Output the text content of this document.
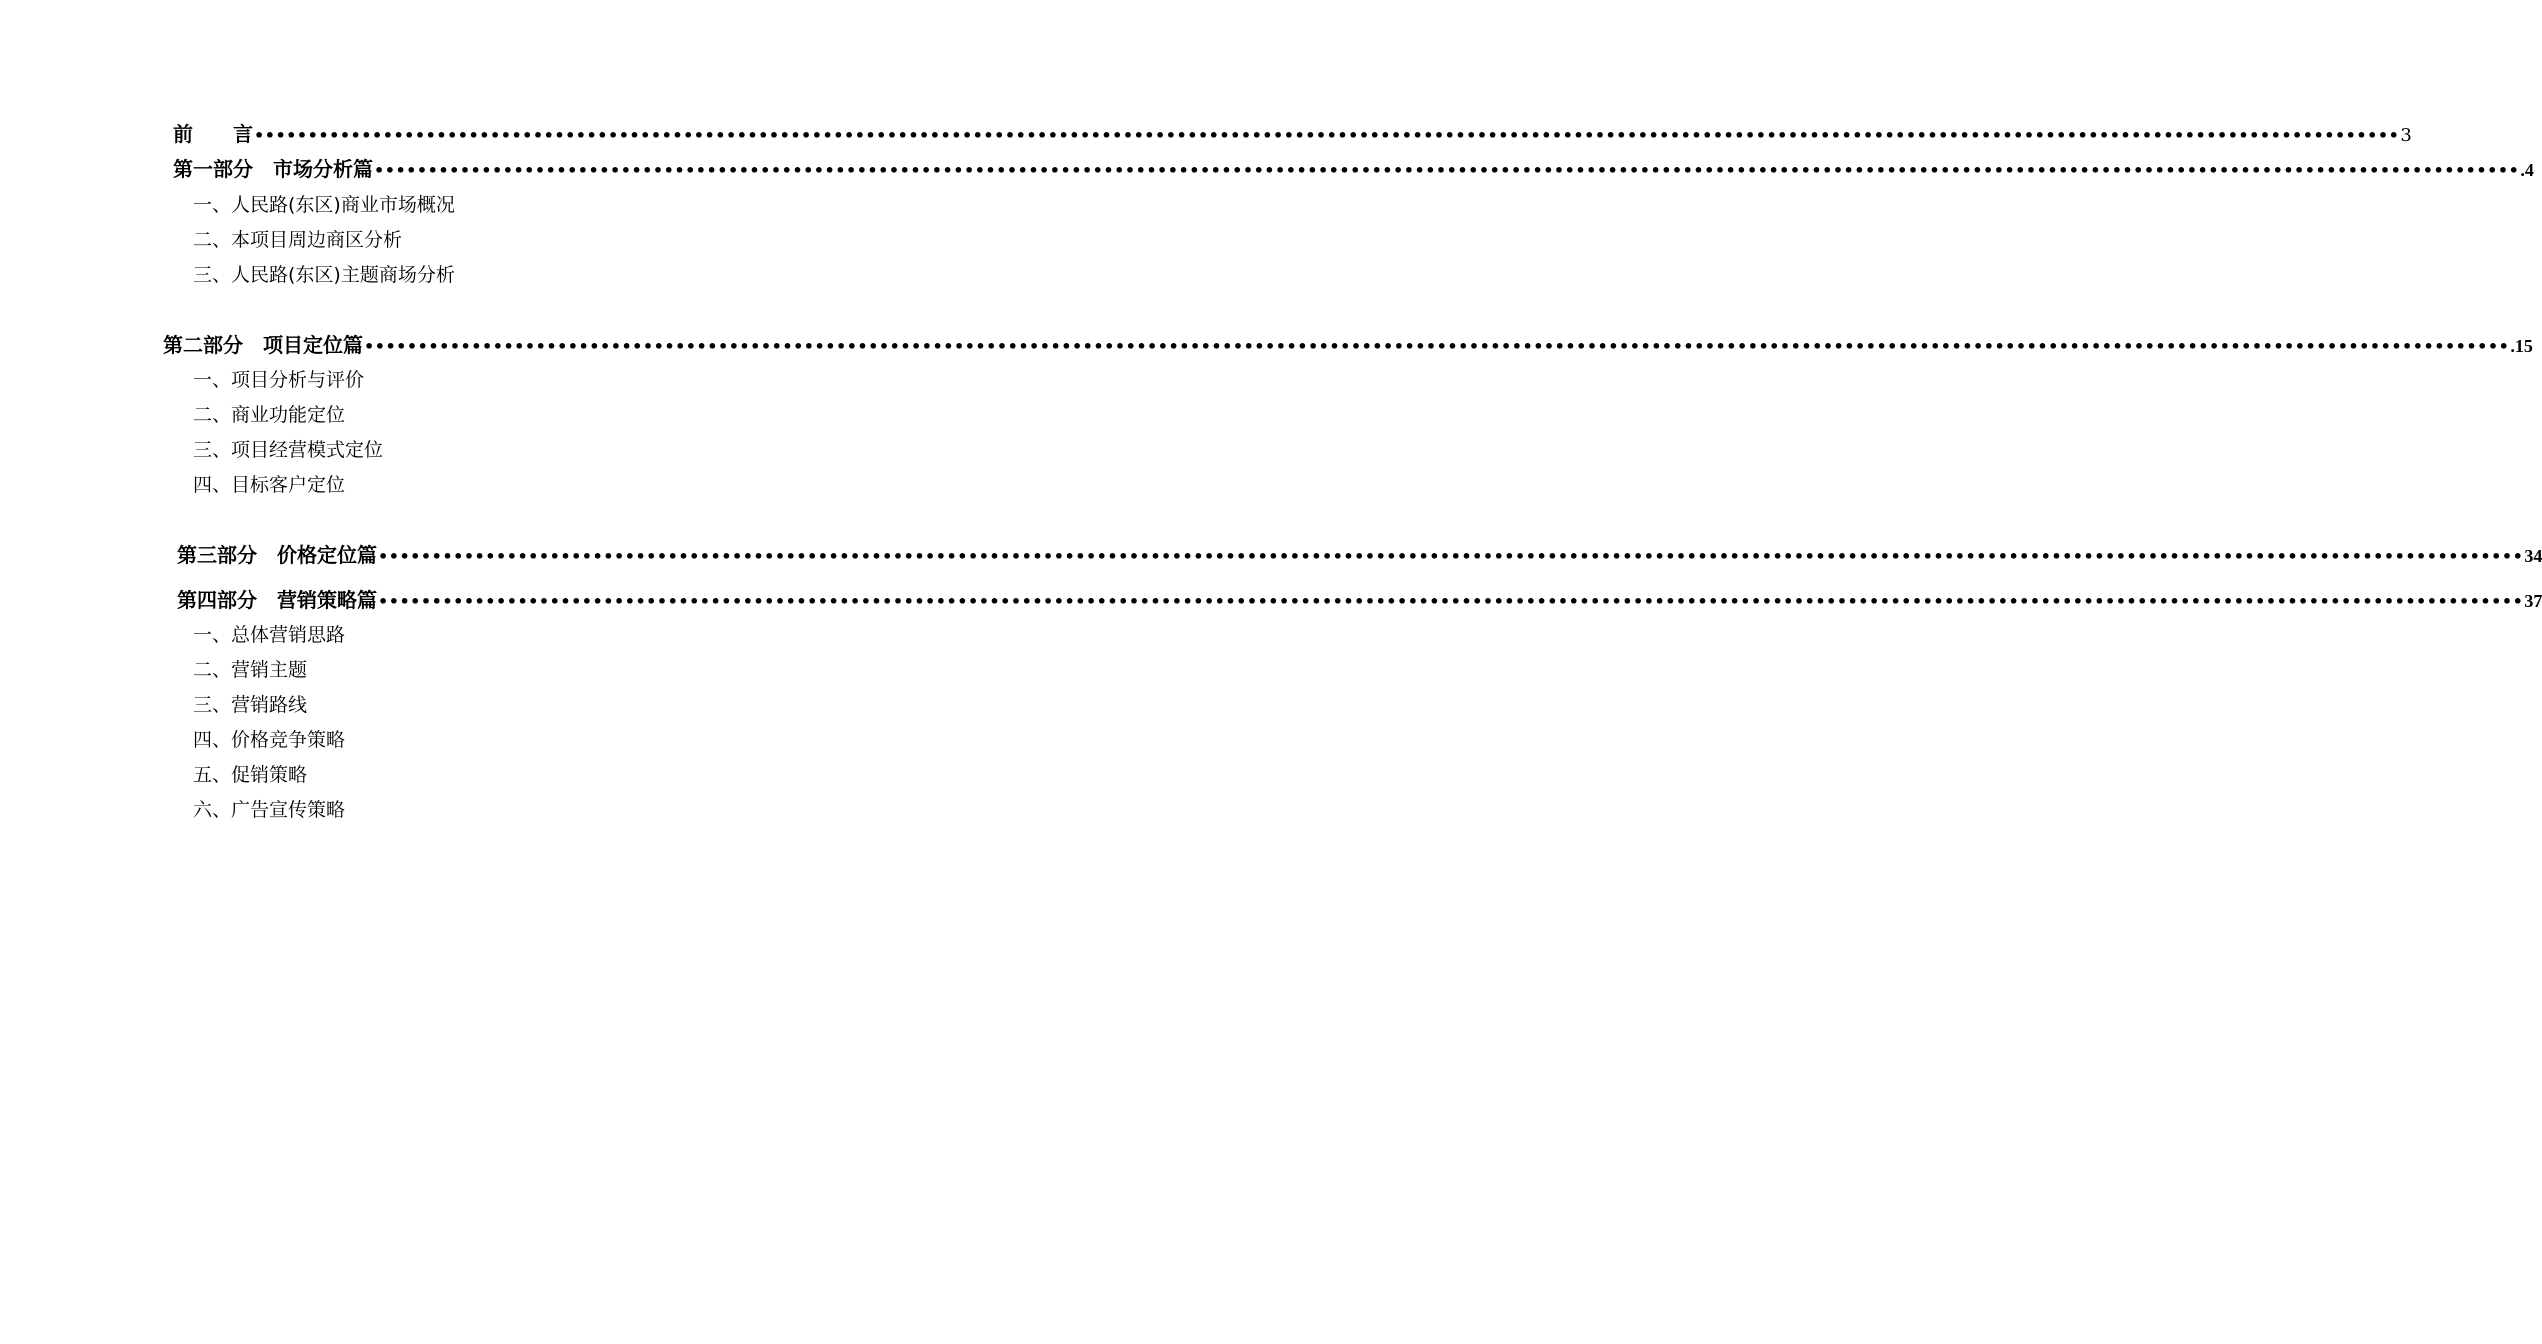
前　　言 •••••••••••••••••••••••••••••••••••••••••••••••••••••••••••••••••••••••••••••••••••••••••••••••••••••••••••••••••••••••••••••••••••••••••••••••••••••••••••••••••••••••••••••••••••••••••••••••••••••••• 3
第一部分　市场分析篇 •••••••••••••••••••••••••••••••••••••••••••••••••••••••••••••••••••••••••••••••••••••••••••••••••••••••••••••••••••••••••••••••••••••••••••••••••••••••••••••••••••••••••••••••••••••••••••••••••••••••• .4
一、人民路(东区)商业市场概况
二、本项目周边商区分析
三、人民路(东区)主题商场分析
第二部分　项目定位篇 •••••••••••••••••••••••••••••••••••••••••••••••••••••••••••••••••••••••••••••••••••••••••••••••••••••••••••••••••••••••••••••••••••••••••••••••••••••••••••••••••••••••••••••••••••••••••••••••••••••••• .15
一、项目分析与评价
二、商业功能定位
三、项目经营模式定位
四、目标客户定位
第三部分　价格定位篇 •••••••••••••••••••••••••••••••••••••••••••••••••••••••••••••••••••••••••••••••••••••••••••••••••••••••••••••••••••••••••••••••••••••••••••••••••••••••••••••••••••••••••••••••••••••••••••••••••••••••• 34
第四部分　营销策略篇 •••••••••••••••••••••••••••••••••••••••••••••••••••••••••••••••••••••••••••••••••••••••••••••••••••••••••••••••••••••••••••••••••••••••••••••••••••••••••••••••••••••••••••••••••••••••••••••••••••••••• 37
一、总体营销思路
二、营销主题
三、营销路线
四、价格竞争策略
五、促销策略
六、广告宣传策略
